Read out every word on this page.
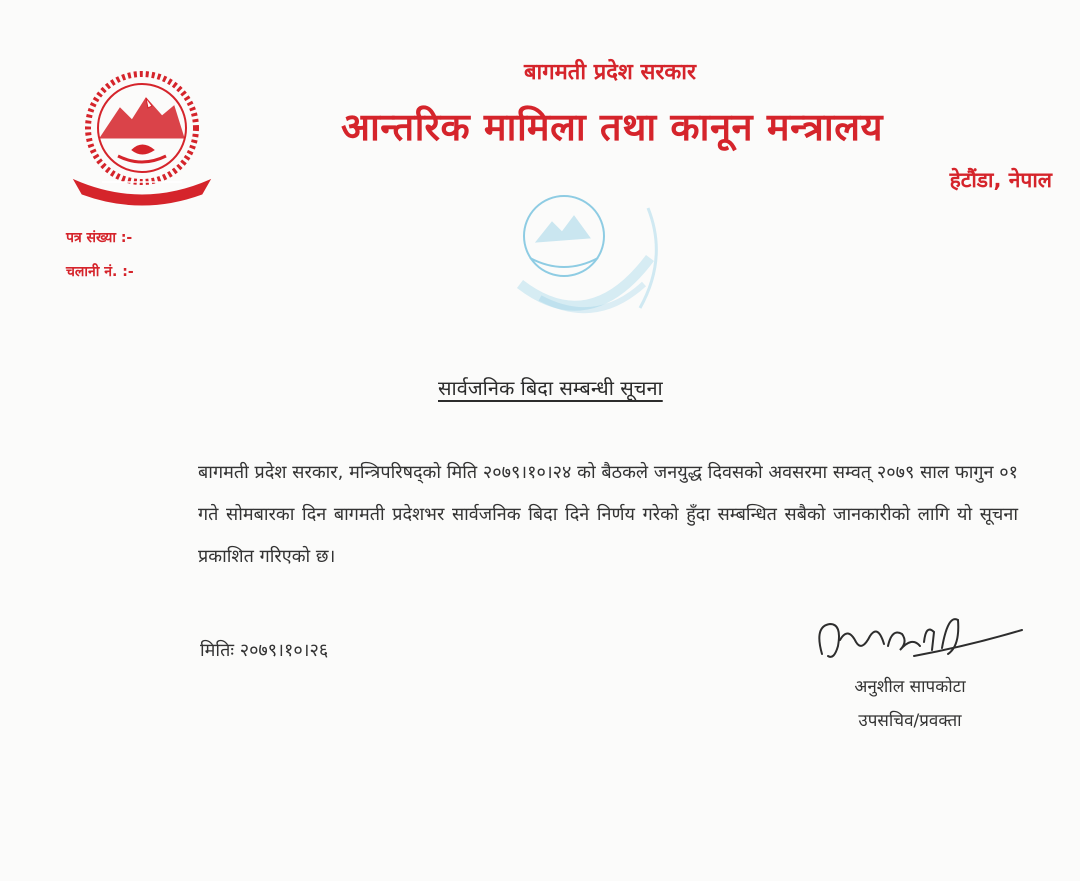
बागमती प्रदेश सरकार
आन्तरिक मामिला तथा कानून मन्त्रालय
हेटौंडा, नेपाल
पत्र संख्या :-
चलानी नं. :-
सार्वजनिक बिदा सम्बन्धी सूचना
बागमती प्रदेश सरकार, मन्त्रिपरिषद्को मिति २०७९।१०।२४ को बैठकले जनयुद्ध दिवसको अवसरमा सम्वत् २०७९ साल फागुन ०१ गते सोमबारका दिन बागमती प्रदेशभर सार्वजनिक बिदा दिने निर्णय गरेको हुँदा सम्बन्धित सबैको जानकारीको लागि यो सूचना प्रकाशित गरिएको छ।
मितिः २०७९।१०।२६
अनुशील सापकोटा
उपसचिव/प्रवक्ता
